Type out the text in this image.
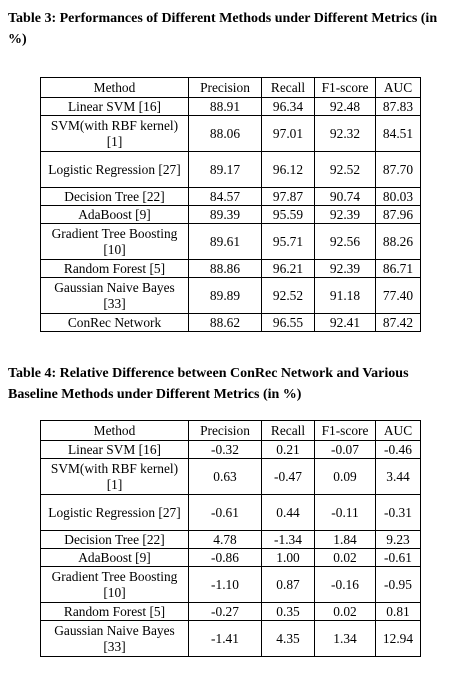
Table 3: Performances of Different Methods under Different Metrics (in %)
Method	Precision	Recall	F1-score	AUC
Linear SVM [16]	88.91	96.34	92.48	87.83
SVM(with RBF kernel) [1]	88.06	97.01	92.32	84.51
Logistic Regression [27]	89.17	96.12	92.52	87.70
Decision Tree [22]	84.57	97.87	90.74	80.03
AdaBoost [9]	89.39	95.59	92.39	87.96
Gradient Tree Boosting [10]	89.61	95.71	92.56	88.26
Random Forest [5]	88.86	96.21	92.39	86.71
Gaussian Naive Bayes [33]	89.89	92.52	91.18	77.40
ConRec Network	88.62	96.55	92.41	87.42
Table 4: Relative Difference between ConRec Network and Various Baseline Methods under Different Metrics (in %)
Method	Precision	Recall	F1-score	AUC
Linear SVM [16]	-0.32	0.21	-0.07	-0.46
SVM(with RBF kernel) [1]	0.63	-0.47	0.09	3.44
Logistic Regression [27]	-0.61	0.44	-0.11	-0.31
Decision Tree [22]	4.78	-1.34	1.84	9.23
AdaBoost [9]	-0.86	1.00	0.02	-0.61
Gradient Tree Boosting [10]	-1.10	0.87	-0.16	-0.95
Random Forest [5]	-0.27	0.35	0.02	0.81
Gaussian Naive Bayes [33]	-1.41	4.35	1.34	12.94
